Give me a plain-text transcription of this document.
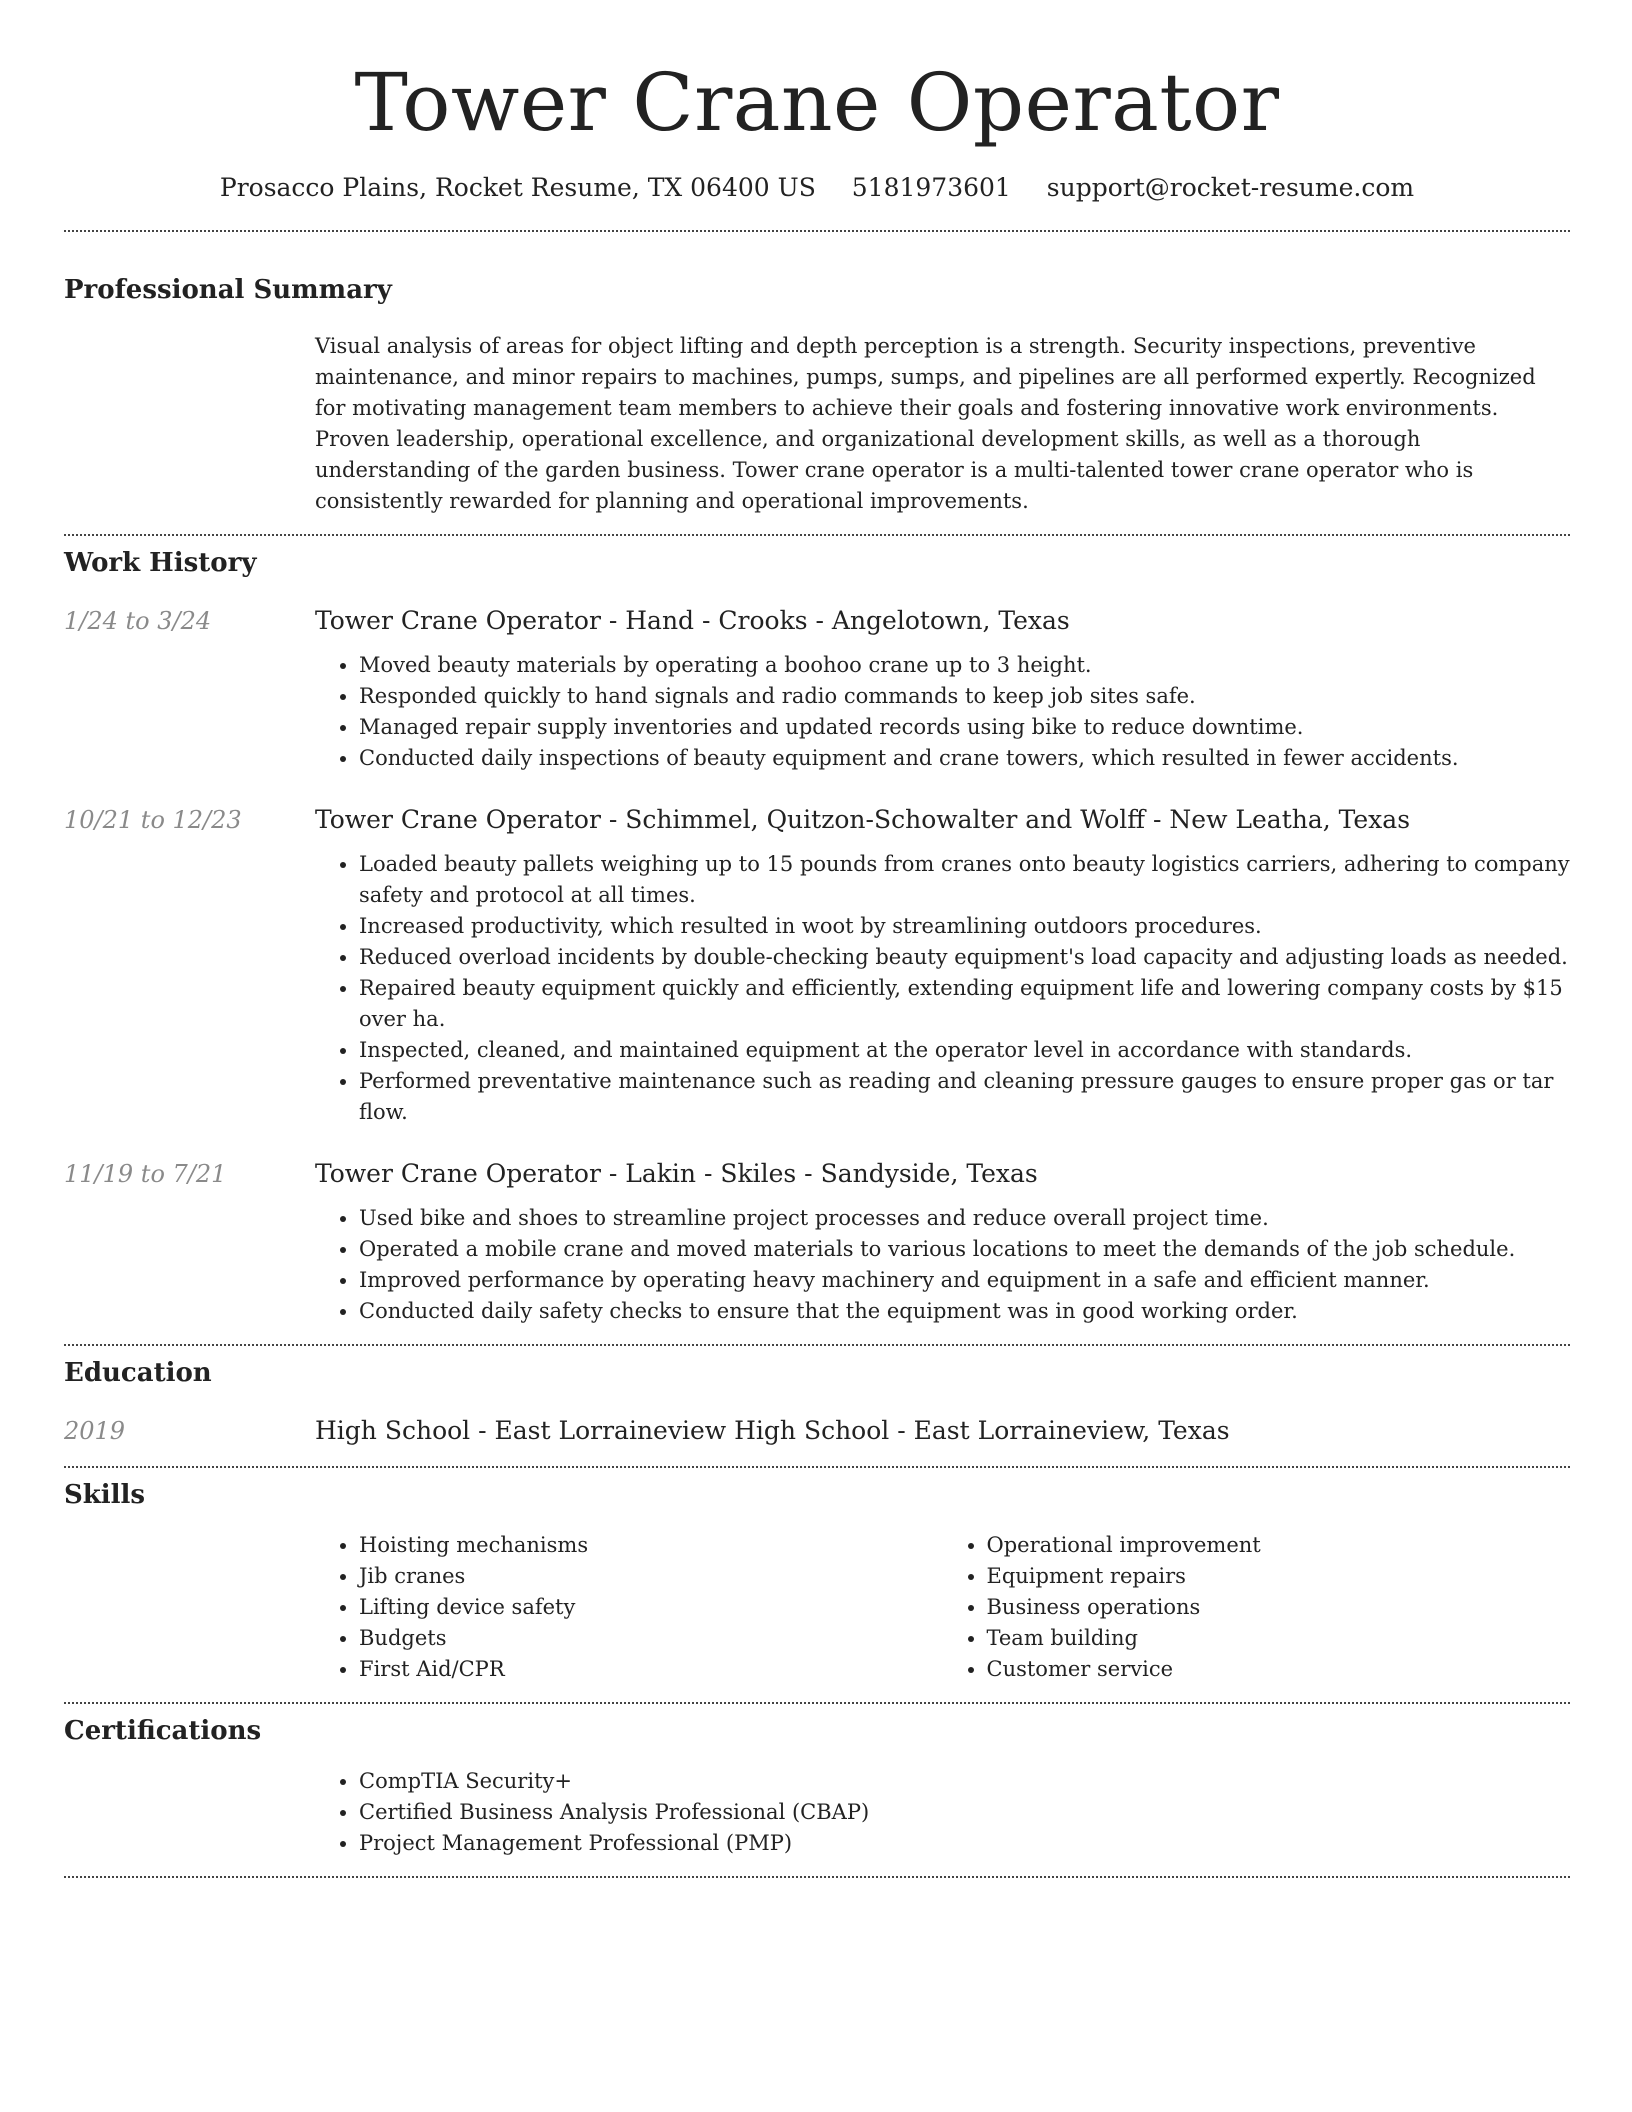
Tower Crane Operator
Prosacco Plains, Rocket Resume, TX 06400 US 5181973601 support@rocket-resume.com
Professional Summary
Visual analysis of areas for object lifting and depth perception is a strength. Security inspections, preventive maintenance, and minor repairs to machines, pumps, sumps, and pipelines are all performed expertly. Recognized for motivating management team members to achieve their goals and fostering innovative work environments. Proven leadership, operational excellence, and organizational development skills, as well as a thorough understanding of the garden business. Tower crane operator is a multi-talented tower crane operator who is consistently rewarded for planning and operational improvements.
Work History
1/24 to 3/24	Tower Crane Operator - Hand - Crooks - Angelotown, Texas
• Moved beauty materials by operating a boohoo crane up to 3 height.
• Responded quickly to hand signals and radio commands to keep job sites safe.
• Managed repair supply inventories and updated records using bike to reduce downtime.
• Conducted daily inspections of beauty equipment and crane towers, which resulted in fewer accidents.
10/21 to 12/23	Tower Crane Operator - Schimmel, Quitzon-Schowalter and Wolff - New Leatha, Texas
• Loaded beauty pallets weighing up to 15 pounds from cranes onto beauty logistics carriers, adhering to company safety and protocol at all times.
• Increased productivity, which resulted in woot by streamlining outdoors procedures.
• Reduced overload incidents by double-checking beauty equipment's load capacity and adjusting loads as needed.
• Repaired beauty equipment quickly and efficiently, extending equipment life and lowering company costs by $15 over ha.
• Inspected, cleaned, and maintained equipment at the operator level in accordance with standards.
• Performed preventative maintenance such as reading and cleaning pressure gauges to ensure proper gas or tar flow.
11/19 to 7/21	Tower Crane Operator - Lakin - Skiles - Sandyside, Texas
• Used bike and shoes to streamline project processes and reduce overall project time.
• Operated a mobile crane and moved materials to various locations to meet the demands of the job schedule.
• Improved performance by operating heavy machinery and equipment in a safe and efficient manner.
• Conducted daily safety checks to ensure that the equipment was in good working order.
Education
2019	High School - East Lorraineview High School - East Lorraineview, Texas
Skills
• Hoisting mechanisms
• Jib cranes
• Lifting device safety
• Budgets
• First Aid/CPR
• Operational improvement
• Equipment repairs
• Business operations
• Team building
• Customer service
Certifications
• CompTIA Security+
• Certified Business Analysis Professional (CBAP)
• Project Management Professional (PMP)
